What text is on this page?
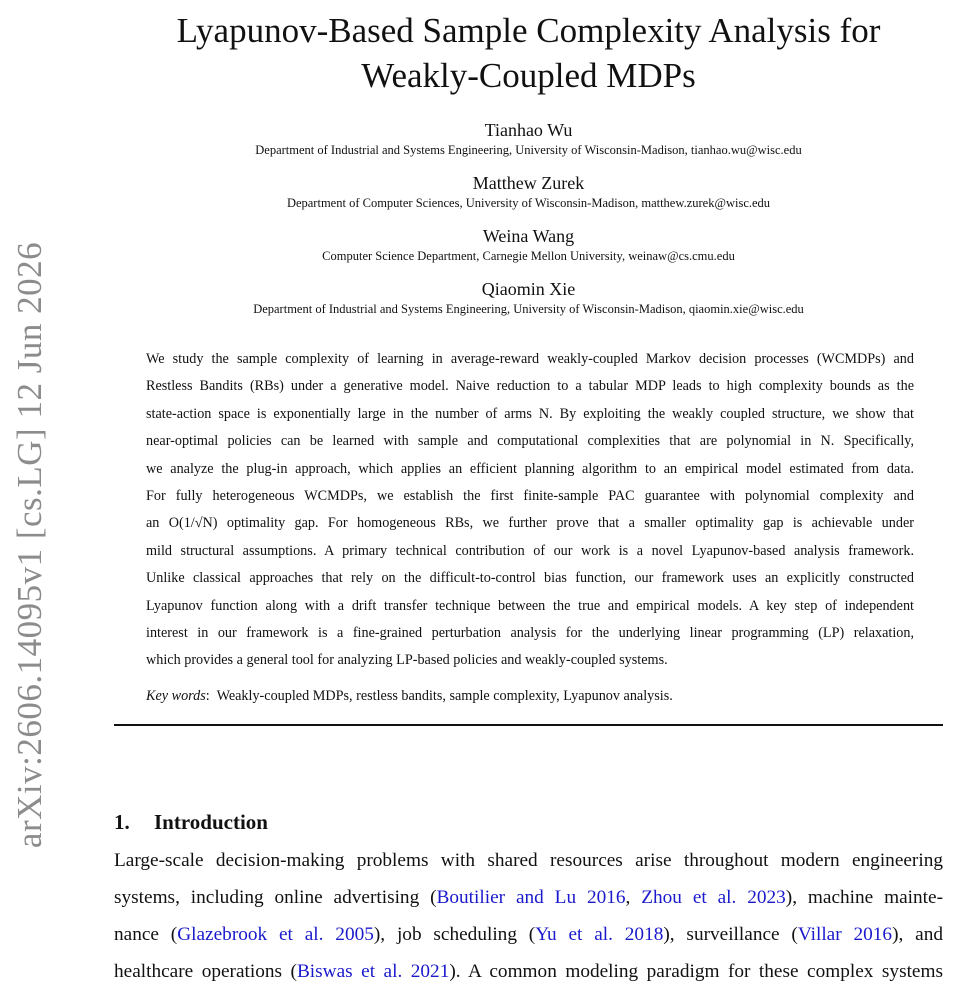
arXiv:2606.14095v1 [cs.LG] 12 Jun 2026
Lyapunov-Based Sample Complexity Analysis for
Weakly-Coupled MDPs
Tianhao Wu
Department of Industrial and Systems Engineering, University of Wisconsin-Madison, tianhao.wu@wisc.edu
Matthew Zurek
Department of Computer Sciences, University of Wisconsin-Madison, matthew.zurek@wisc.edu
Weina Wang
Computer Science Department, Carnegie Mellon University, weinaw@cs.cmu.edu
Qiaomin Xie
Department of Industrial and Systems Engineering, University of Wisconsin-Madison, qiaomin.xie@wisc.edu
We study the sample complexity of learning in average-reward weakly-coupled Markov decision processes (WCMDPs) and
Restless Bandits (RBs) under a generative model. Naive reduction to a tabular MDP leads to high complexity bounds as the
state-action space is exponentially large in the number of arms N. By exploiting the weakly coupled structure, we show that
near-optimal policies can be learned with sample and computational complexities that are polynomial in N. Specifically,
we analyze the plug-in approach, which applies an efficient planning algorithm to an empirical model estimated from data.
For fully heterogeneous WCMDPs, we establish the first finite-sample PAC guarantee with polynomial complexity and
an O(1/√N) optimality gap. For homogeneous RBs, we further prove that a smaller optimality gap is achievable under
mild structural assumptions. A primary technical contribution of our work is a novel Lyapunov-based analysis framework.
Unlike classical approaches that rely on the difficult-to-control bias function, our framework uses an explicitly constructed
Lyapunov function along with a drift transfer technique between the true and empirical models. A key step of independent
interest in our framework is a fine-grained perturbation analysis for the underlying linear programming (LP) relaxation,
which provides a general tool for analyzing LP-based policies and weakly-coupled systems.
Key words: Weakly-coupled MDPs, restless bandits, sample complexity, Lyapunov analysis.
1. Introduction
Large-scale decision-making problems with shared resources arise throughout modern engineering
systems, including online advertising (Boutilier and Lu 2016, Zhou et al. 2023), machine mainte-
nance (Glazebrook et al. 2005), job scheduling (Yu et al. 2018), surveillance (Villar 2016), and
healthcare operations (Biswas et al. 2021). A common modeling paradigm for these complex systems
